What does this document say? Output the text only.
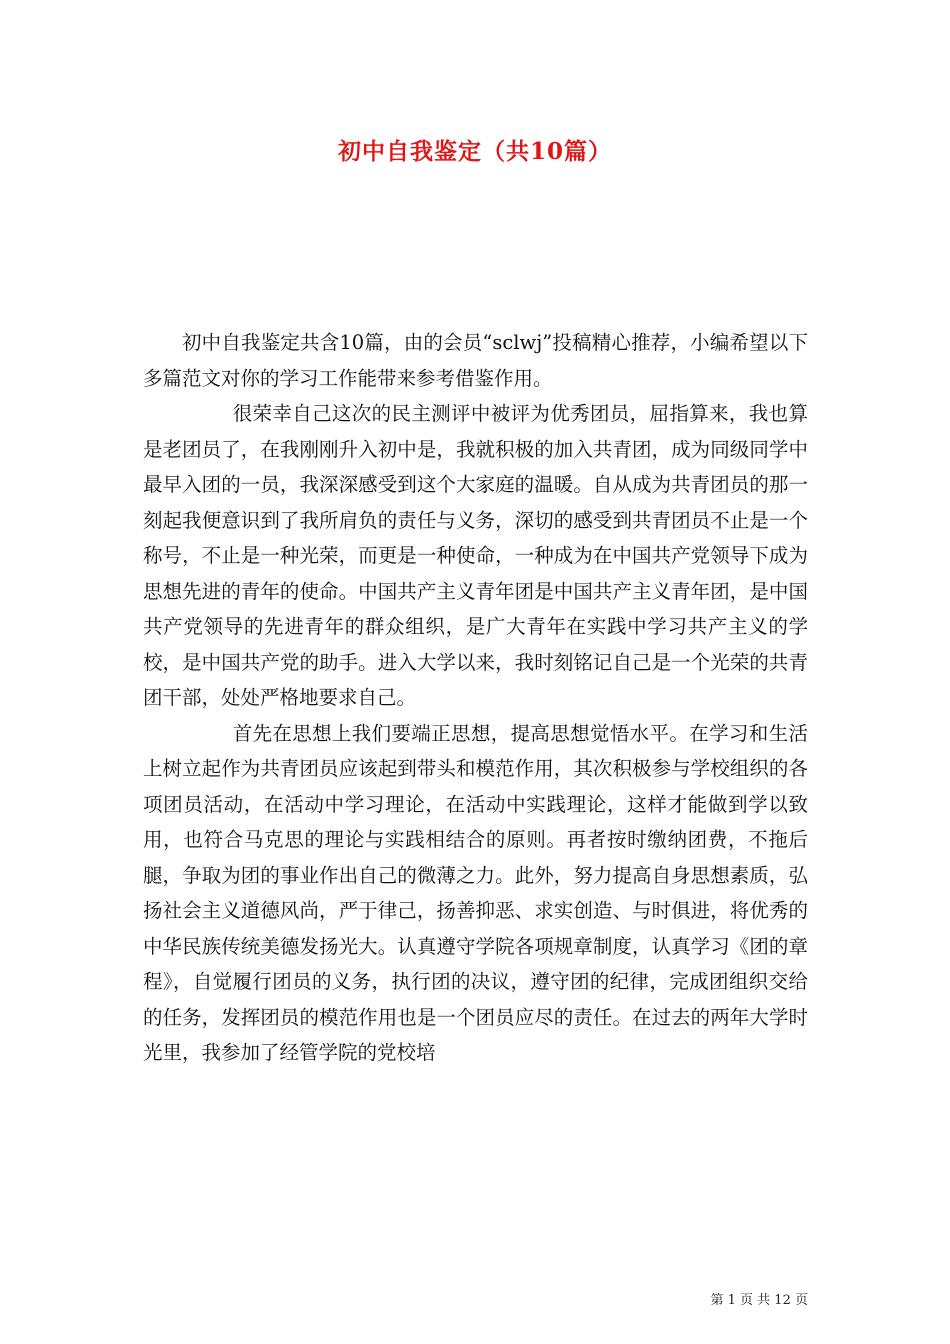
初中自我鉴定（共10篇）

初中自我鉴定共含10篇，由的会员“sclwj”投稿精心推荐，小编希望以下多篇范文对你的学习工作能带来参考借鉴作用。

很荣幸自己这次的民主测评中被评为优秀团员，屈指算来，我也算是老团员了，在我刚刚升入初中是，我就积极的加入共青团，成为同级同学中最早入团的一员，我深深感受到这个大家庭的温暖。自从成为共青团员的那一刻起我便意识到了我所肩负的责任与义务，深切的感受到共青团员不止是一个称号，不止是一种光荣，而更是一种使命，一种成为在中国共产党领导下成为思想先进的青年的使命。中国共产主义青年团是中国共产主义青年团，是中国共产党领导的先进青年的群众组织，是广大青年在实践中学习共产主义的学校，是中国共产党的助手。进入大学以来，我时刻铭记自己是一个光荣的共青团干部，处处严格地要求自己。

首先在思想上我们要端正思想，提高思想觉悟水平。在学习和生活上树立起作为共青团员应该起到带头和模范作用，其次积极参与学校组织的各项团员活动，在活动中学习理论，在活动中实践理论，这样才能做到学以致用，也符合马克思的理论与实践相结合的原则。再者按时缴纳团费，不拖后腿，争取为团的事业作出自己的微薄之力。此外，努力提高自身思想素质，弘扬社会主义道德风尚，严于律己，扬善抑恶、求实创造、与时俱进，将优秀的中华民族传统美德发扬光大。认真遵守学院各项规章制度，认真学习《团的章程》，自觉履行团员的义务，执行团的决议，遵守团的纪律，完成团组织交给的任务，发挥团员的模范作用也是一个团员应尽的责任。在过去的两年大学时光里，我参加了经管学院的党校培

第 1 页 共 12 页
